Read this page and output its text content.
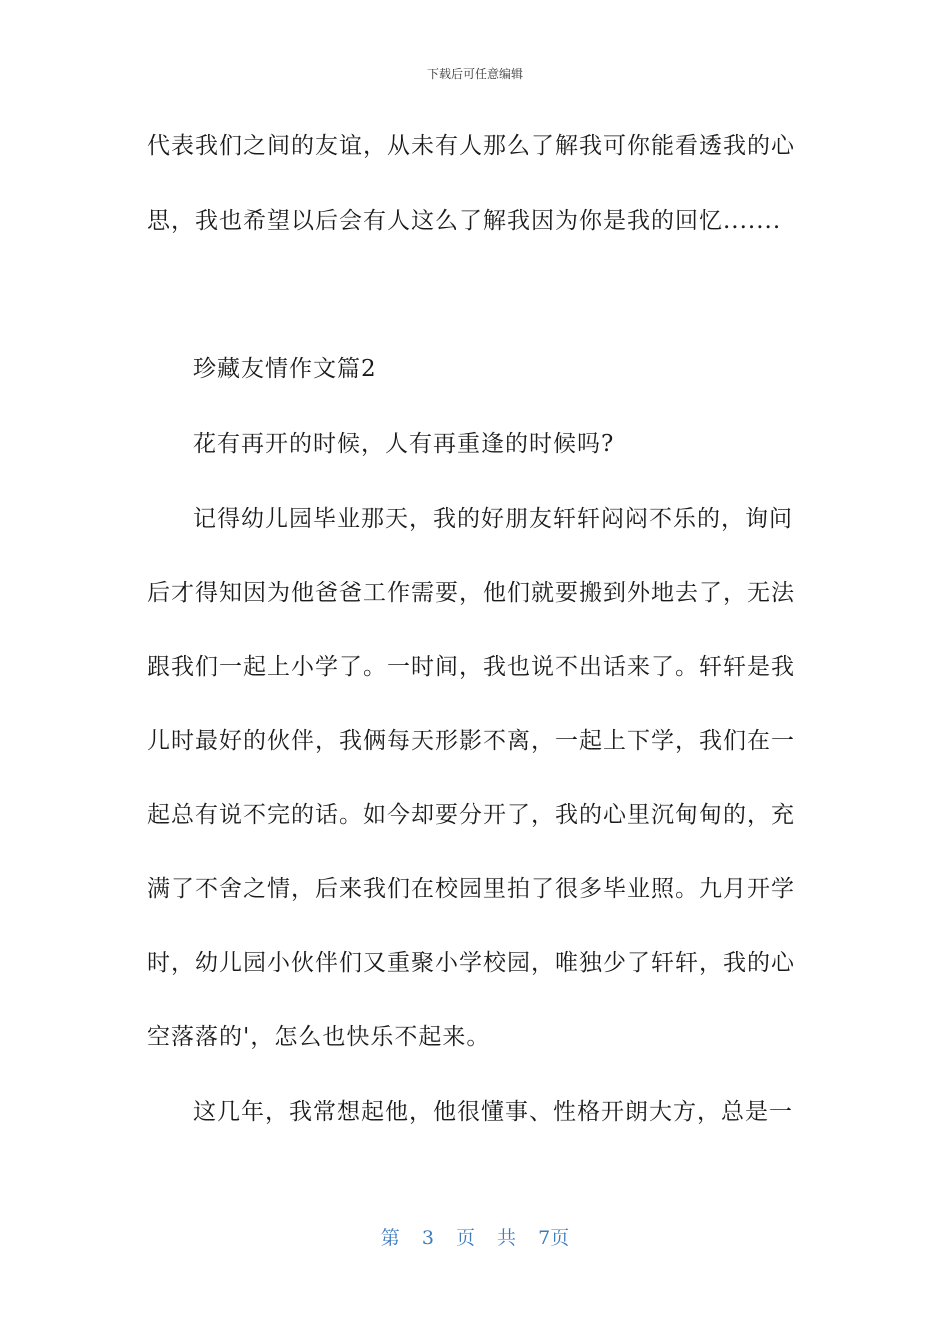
下载后可任意编辑
代表我们之间的友谊，从未有人那么了解我可你能看透我的心
思，我也希望以后会有人这么了解我因为你是我的回忆.......
珍藏友情作文篇2
花有再开的时候，人有再重逢的时候吗?
记得幼儿园毕业那天，我的好朋友轩轩闷闷不乐的，询问
后才得知因为他爸爸工作需要，他们就要搬到外地去了，无法
跟我们一起上小学了。一时间，我也说不出话来了。轩轩是我
儿时最好的伙伴，我俩每天形影不离，一起上下学，我们在一
起总有说不完的话。如今却要分开了，我的心里沉甸甸的，充
满了不舍之情，后来我们在校园里拍了很多毕业照。九月开学
时，幼儿园小伙伴们又重聚小学校园，唯独少了轩轩，我的心
空落落的'，怎么也快乐不起来。
这几年，我常想起他，他很懂事、性格开朗大方，总是一
第 3 页 共 7页
